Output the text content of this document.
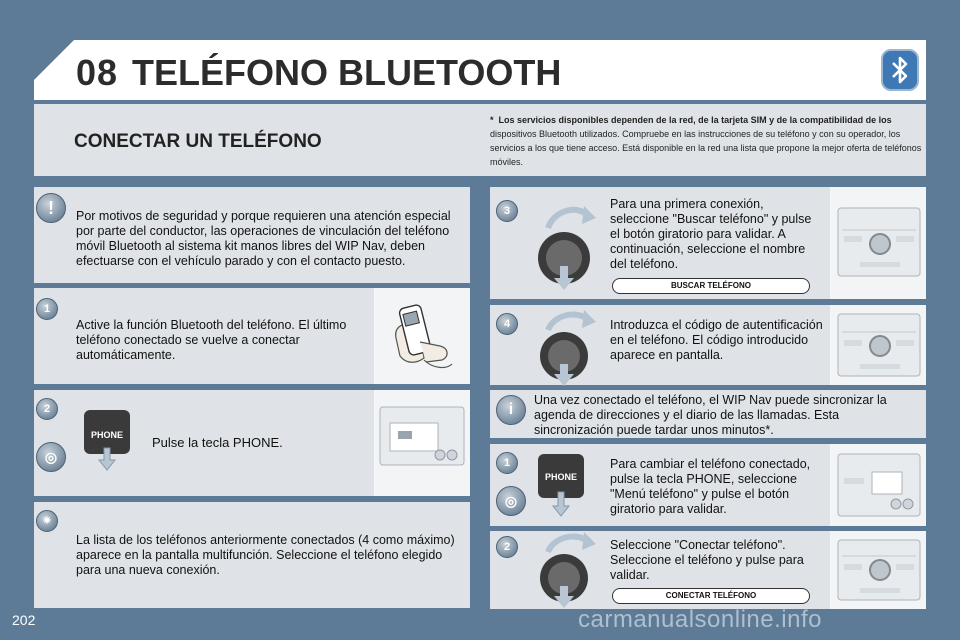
08 TELÉFONO BLUETOOTH
CONECTAR UN TELÉFONO
*  Los servicios disponibles dependen de la red, de la tarjeta SIM y de la compatibilidad de los
dispositivos Bluetooth utilizados. Compruebe en las instrucciones de su teléfono y con su operador, los servicios a los que tiene acceso. Está disponible en la red una lista que propone la mejor oferta de teléfonos móviles.
!	Por motivos de seguridad y porque requieren una atención especial por parte del conductor, las operaciones de vinculación del teléfono móvil Bluetooth al sistema kit manos libres del WIP Nav, deben efectuarse con el vehículo parado y con el contacto puesto.
1
Active la función Bluetooth del teléfono. El último teléfono conectado se vuelve a conectar automáticamente.
2
◎
PHONE Pulse la tecla PHONE.
✷
La lista de los teléfonos anteriormente conectados (4 como máximo) aparece en la pantalla multifunción. Seleccione el teléfono elegido para una nueva conexión.
3	Para una primera conexión, seleccione "Buscar teléfono" y pulse el botón giratorio para validar. A continuación, seleccione el nombre del teléfono.
BUSCAR TELÉFONO
4	Introduzca el código de autentificación en el teléfono. El código introducido aparece en pantalla.
i
Una vez conectado el teléfono, el WIP Nav puede sincronizar la agenda de direcciones y el diario de las llamadas. Esta sincronización puede tardar unos minutos*.
1
◎
PHONE
Para cambiar el teléfono conectado, pulse la tecla PHONE, seleccione "Menú teléfono" y pulse el botón giratorio para validar.
2	Seleccione "Conectar teléfono". Seleccione el teléfono y pulse para validar.
CONECTAR TELÉFONO
202	carmanualsonline.info
